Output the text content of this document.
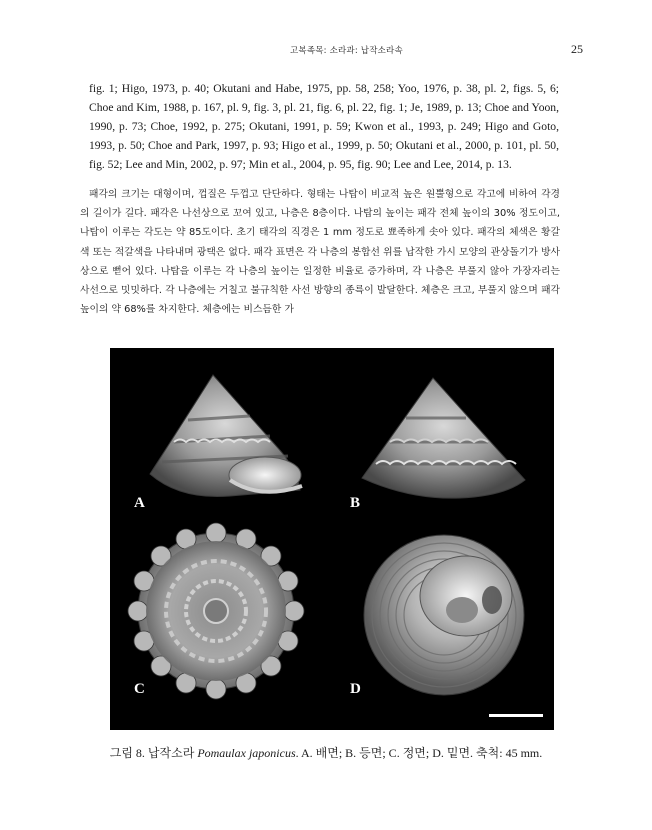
고복족목: 소라과: 납작소라속	25

fig. 1; Higo, 1973, p. 40; Okutani and Habe, 1975, pp. 58, 258; Yoo, 1976, p. 38, pl. 2, figs. 5, 6; Choe and Kim, 1988, p. 167, pl. 9, fig. 3, pl. 21, fig. 6, pl. 22, fig. 1; Je, 1989, p. 13; Choe and Yoon, 1990, p. 73; Choe, 1992, p. 275; Okutani, 1991, p. 59; Kwon et al., 1993, p. 249; Higo and Goto, 1993, p. 50; Choe and Park, 1997, p. 93; Higo et al., 1999, p. 50; Okutani et al., 2000, p. 101, pl. 50, fig. 52; Lee and Min, 2002, p. 97; Min et al., 2004, p. 95, fig. 90; Lee and Lee, 2014, p. 13.

패각의 크기는 대형이며, 껍질은 두껍고 단단하다. 형태는 나탑이 비교적 높은 원뿔형으로 각고에 비하여 각경의 길이가 길다. 패각은 나선상으로 꼬여 있고, 나층은 8층이다. 나탑의 높이는 패각 전체 높이의 30% 정도이고, 나탑이 이루는 각도는 약 85도이다. 초기 태각의 직경은 1 mm 정도로 뾰족하게 솟아 있다. 패각의 체색은 황갈색 또는 적갈색을 나타내며 광택은 없다. 패각 표면은 각 나층의 봉합선 위를 납작한 가시 모양의 관상돌기가 방사상으로 뻗어 있다. 나탑을 이루는 각 나층의 높이는 일정한 비율로 증가하며, 각 나층은 부풀지 않아 가장자리는 사선으로 밋밋하다. 각 나층에는 거칠고 불규칙한 사선 방향의 종륵이 발달한다. 체층은 크고, 부풀지 않으며 패각 높이의 약 68%를 차지한다. 체층에는 비스듬한 가

A	B
C	D
그림 8. 납작소라 Pomaulax japonicus. A. 배면; B. 등면; C. 정면; D. 밑면. 축척: 45 mm.
